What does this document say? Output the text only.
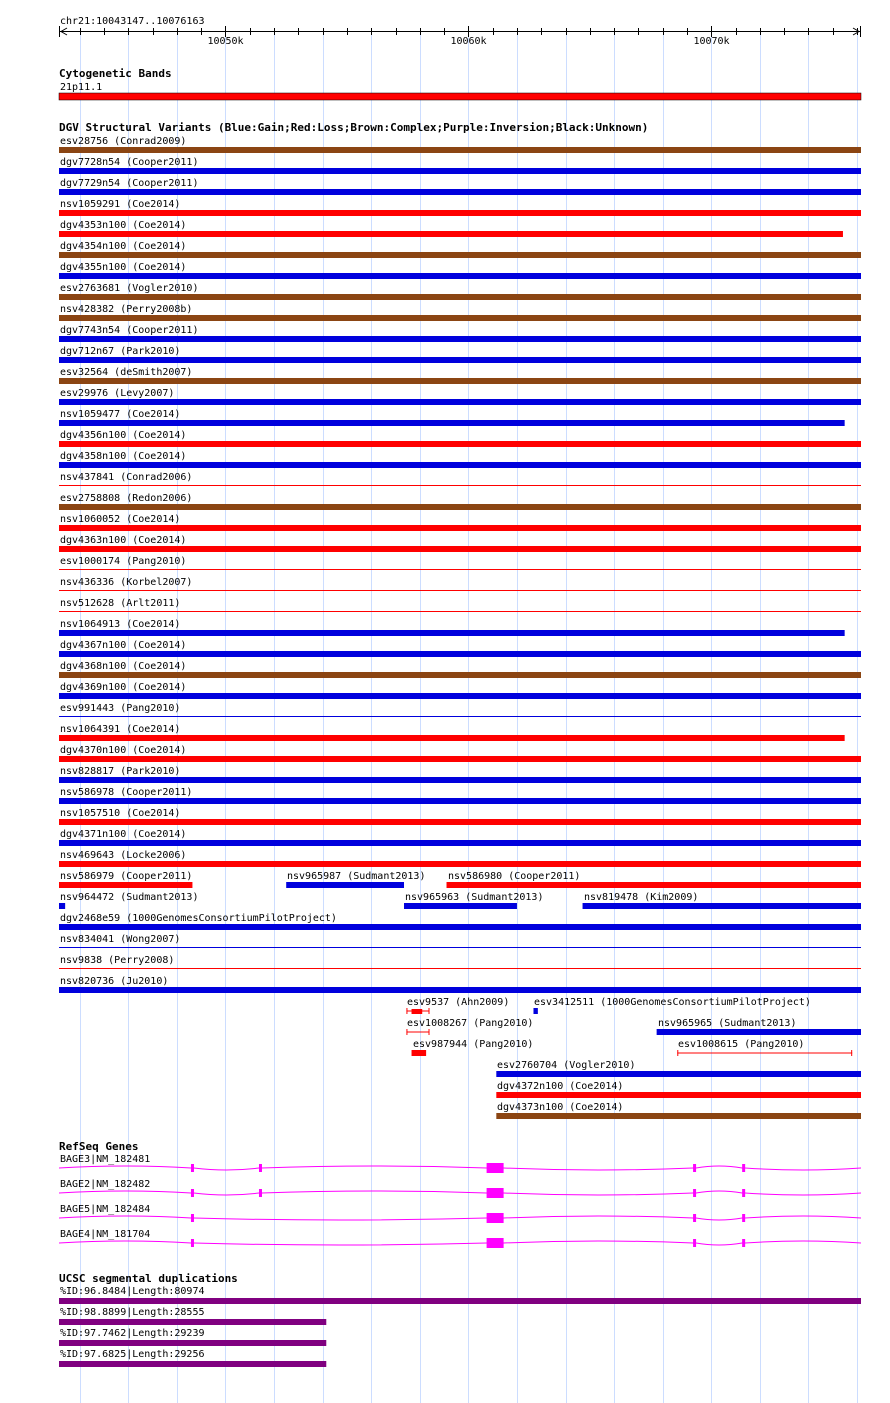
chr21:10043147..10076163
10050k	10060k	10070k
Cytogenetic Bands
21p11.1
DGV Structural Variants (Blue:Gain;Red:Loss;Brown:Complex;Purple:Inversion;Black:Unknown)
esv28756 (Conrad2009)
dgv7728n54 (Cooper2011)
dgv7729n54 (Cooper2011)
nsv1059291 (Coe2014)
dgv4353n100 (Coe2014)
dgv4354n100 (Coe2014)
dgv4355n100 (Coe2014)
esv2763681 (Vogler2010)
nsv428382 (Perry2008b)
dgv7743n54 (Cooper2011)
dgv712n67 (Park2010)
esv32564 (deSmith2007)
esv29976 (Levy2007)
nsv1059477 (Coe2014)
dgv4356n100 (Coe2014)
dgv4358n100 (Coe2014)
nsv437841 (Conrad2006)
esv2758808 (Redon2006)
nsv1060052 (Coe2014)
dgv4363n100 (Coe2014)
esv1000174 (Pang2010)
nsv436336 (Korbel2007)
nsv512628 (Arlt2011)
nsv1064913 (Coe2014)
dgv4367n100 (Coe2014)
dgv4368n100 (Coe2014)
dgv4369n100 (Coe2014)
esv991443 (Pang2010)
nsv1064391 (Coe2014)
dgv4370n100 (Coe2014)
nsv828817 (Park2010)
nsv586978 (Cooper2011)
nsv1057510 (Coe2014)
dgv4371n100 (Coe2014)
nsv469643 (Locke2006)
nsv586979 (Cooper2011)	nsv965987 (Sudmant2013) nsv586980 (Cooper2011)
nsv964472 (Sudmant2013)	nsv965963 (Sudmant2013)	nsv819478 (Kim2009)
dgv2468e59 (1000GenomesConsortiumPilotProject)
nsv834041 (Wong2007)
nsv9838 (Perry2008)
nsv820736 (Ju2010)
esv9537 (Ahn2009) esv3412511 (1000GenomesConsortiumPilotProject)
esv1008267 (Pang2010)	nsv965965 (Sudmant2013)
esv987944 (Pang2010)	esv1008615 (Pang2010)
esv2760704 (Vogler2010)
dgv4372n100 (Coe2014)
dgv4373n100 (Coe2014)
RefSeq Genes
BAGE3|NM_182481
BAGE2|NM_182482
BAGE5|NM_182484
BAGE4|NM_181704
UCSC segmental duplications
%ID:96.8484|Length:80974
%ID:98.8899|Length:28555
%ID:97.7462|Length:29239
%ID:97.6825|Length:29256
